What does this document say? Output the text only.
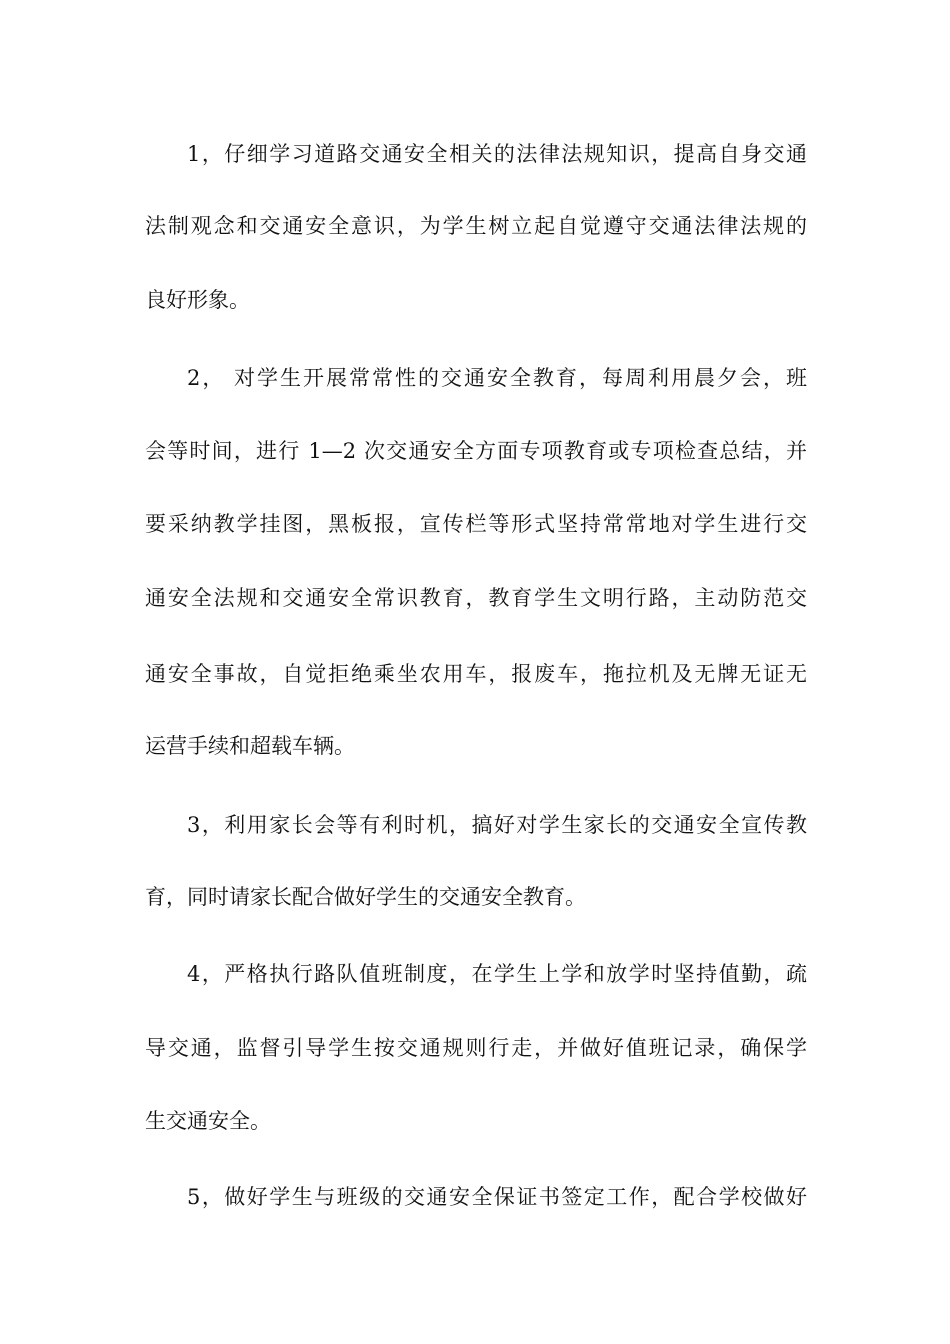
1，仔细学习道路交通安全相关的法律法规知识，提高自身交通
法制观念和交通安全意识，为学生树立起自觉遵守交通法律法规的
良好形象。
2， 对学生开展常常性的交通安全教育，每周利用晨夕会，班
会等时间，进行 1—2 次交通安全方面专项教育或专项检查总结，并
要采纳教学挂图，黑板报，宣传栏等形式坚持常常地对学生进行交
通安全法规和交通安全常识教育，教育学生文明行路，主动防范交
通安全事故，自觉拒绝乘坐农用车，报废车，拖拉机及无牌无证无
运营手续和超载车辆。
3，利用家长会等有利时机，搞好对学生家长的交通安全宣传教
育，同时请家长配合做好学生的交通安全教育。
4，严格执行路队值班制度，在学生上学和放学时坚持值勤，疏
导交通，监督引导学生按交通规则行走，并做好值班记录，确保学
生交通安全。
5，做好学生与班级的交通安全保证书签定工作，配合学校做好
